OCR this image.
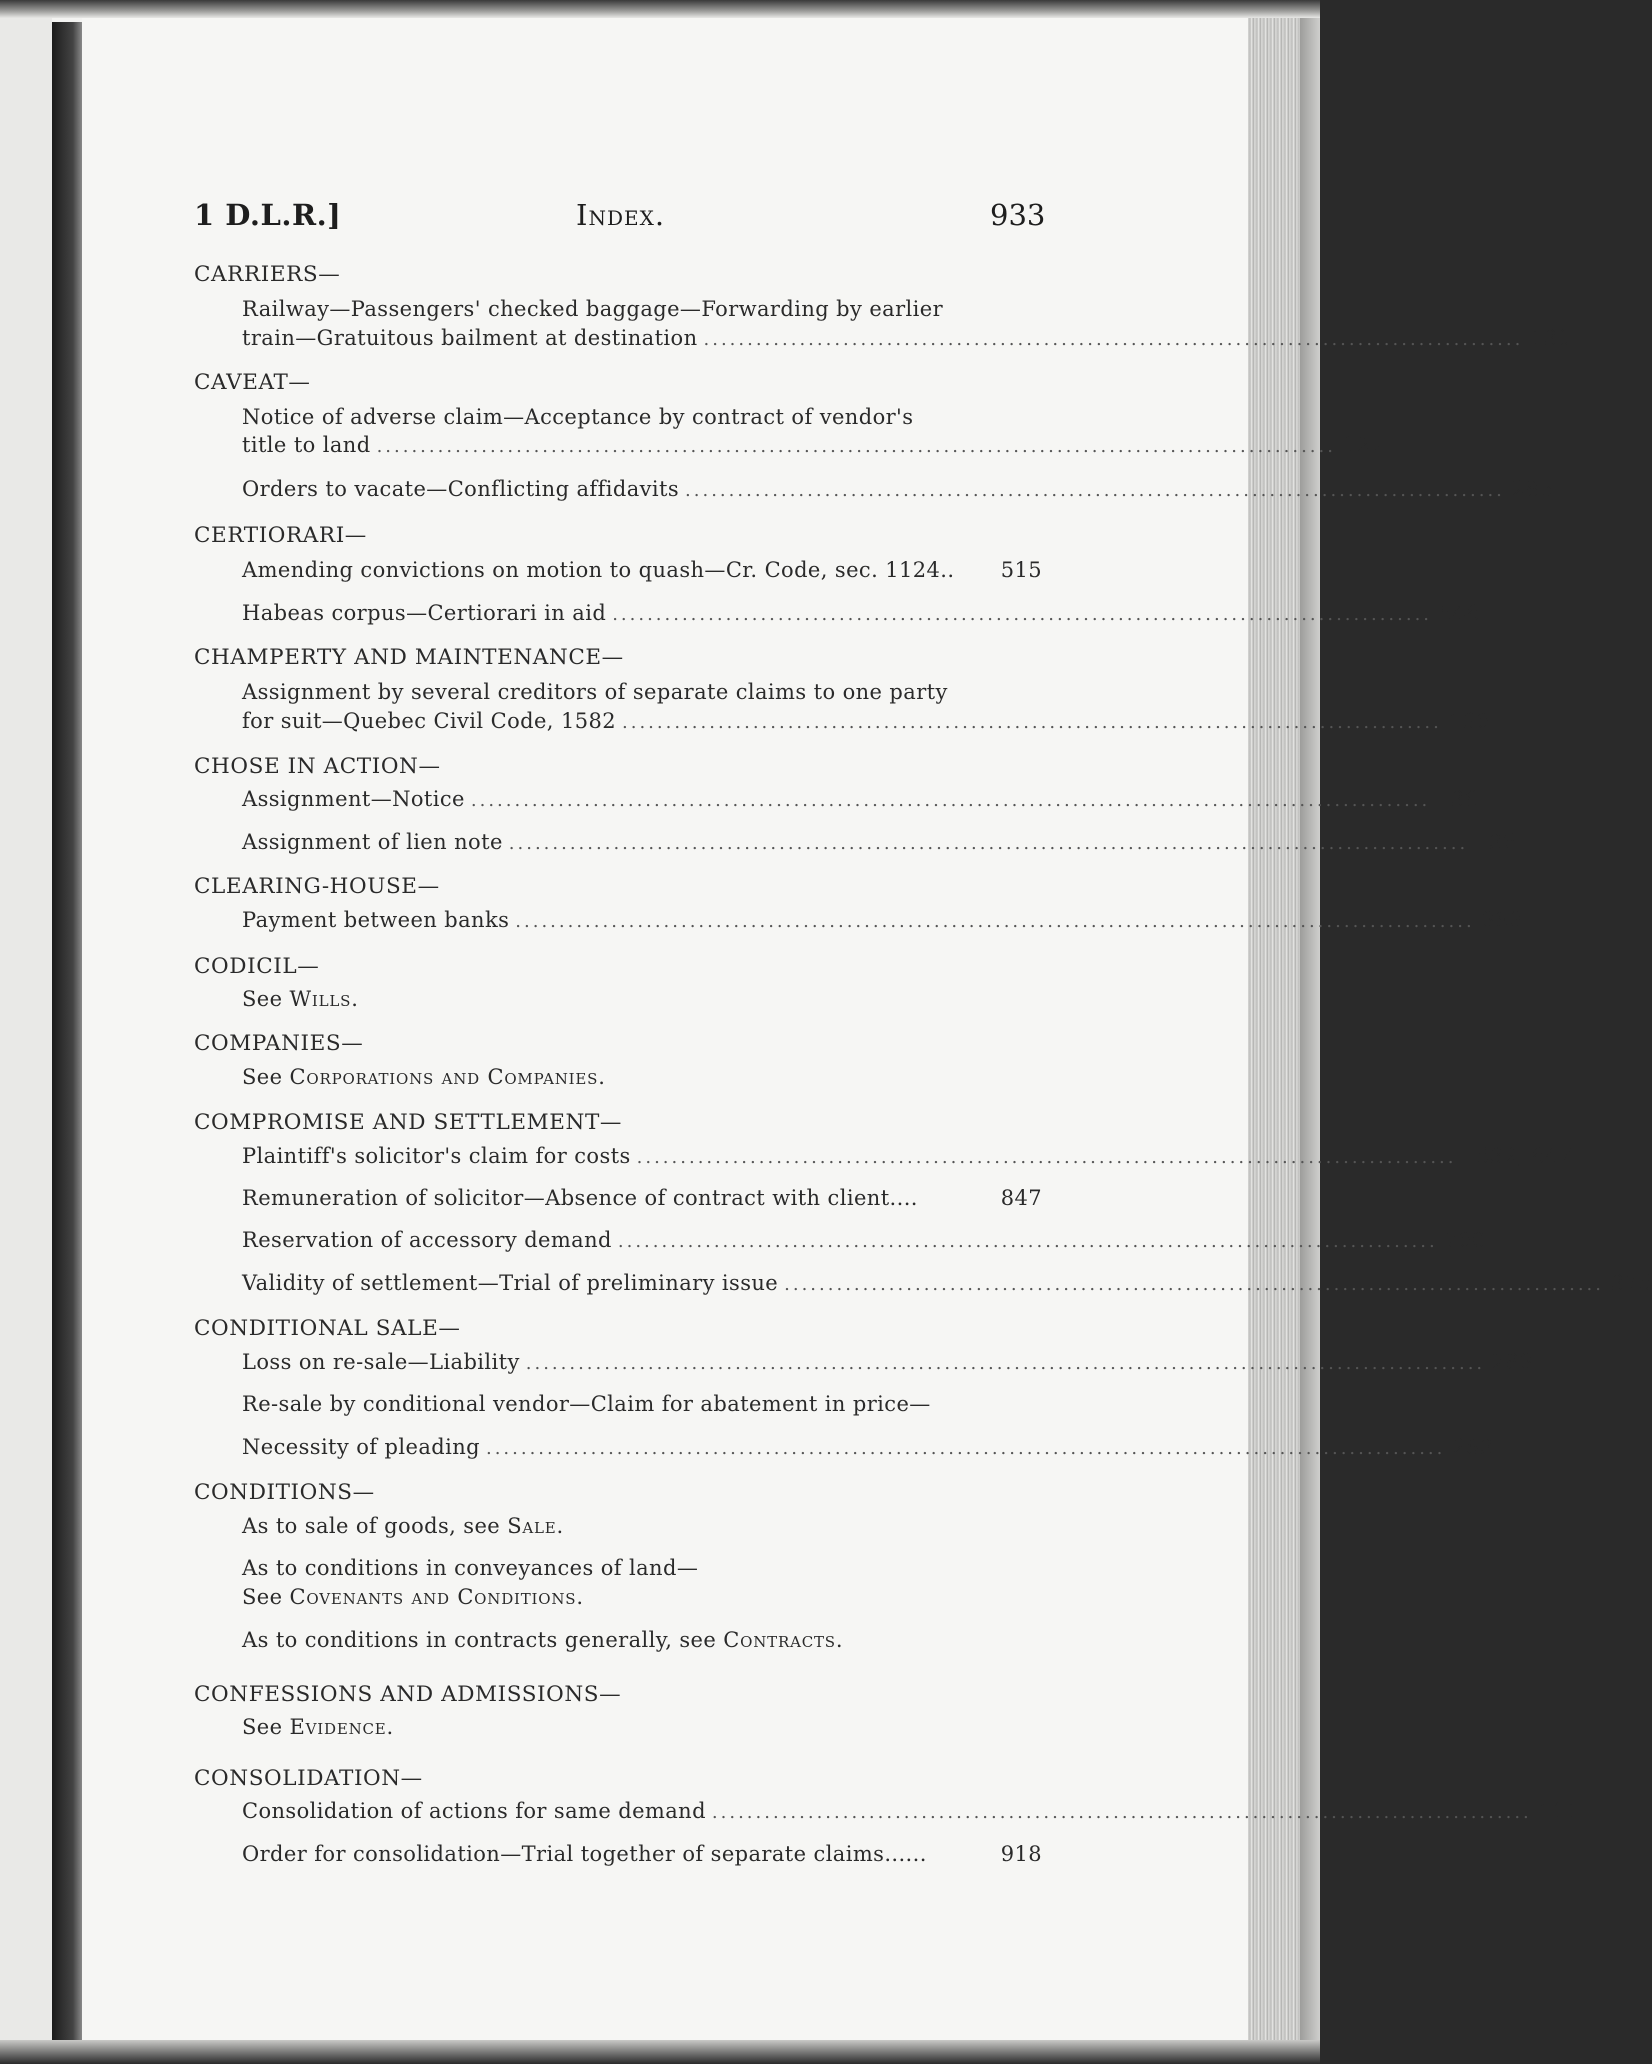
1 D.L.R.]	Index.	933
CARRIERS—
Railway—Passengers' checked baggage—Forwarding by earlier
train—Gratuitous bailment at destination .............................................................................................. 130
CAVEAT—
Notice of adverse claim—Acceptance by contract of vendor's
title to land .............................................................................................................. 127
Orders to vacate—Conflicting affidavits .............................................................................................. 285
CERTIORARI—
Amending convictions on motion to quash—Cr. Code, sec. 1124.. 515
Habeas corpus—Certiorari in aid .............................................................................................. 548
CHAMPERTY AND MAINTENANCE—
Assignment by several creditors of separate claims to one party
for suit—Quebec Civil Code, 1582 .............................................................................................. 136
CHOSE IN ACTION—
Assignment—Notice .............................................................................................................. 36
Assignment of lien note .............................................................................................................. 36
CLEARING-HOUSE—
Payment between banks .............................................................................................................. 383
CODICIL—
See Wills.
COMPANIES—
See Corporations and Companies.
COMPROMISE AND SETTLEMENT—
Plaintiff's solicitor's claim for costs .............................................................................................. 632, 847
Remuneration of solicitor—Absence of contract with client....	847
Reservation of accessory demand .............................................................................................. 760
Validity of settlement—Trial of preliminary issue .............................................................................................. 376
CONDITIONAL SALE—
Loss on re-sale—Liability .............................................................................................................. 283
Re-sale by conditional vendor—Claim for abatement in price—
Necessity of pleading .............................................................................................................. 283
CONDITIONS—
As to sale of goods, see Sale.
As to conditions in conveyances of land—
See Covenants and Conditions.
As to conditions in contracts generally, see Contracts.
CONFESSIONS AND ADMISSIONS—
See Evidence.
CONSOLIDATION—
Consolidation of actions for same demand .............................................................................................. 111
Order for consolidation—Trial together of separate claims......	918
